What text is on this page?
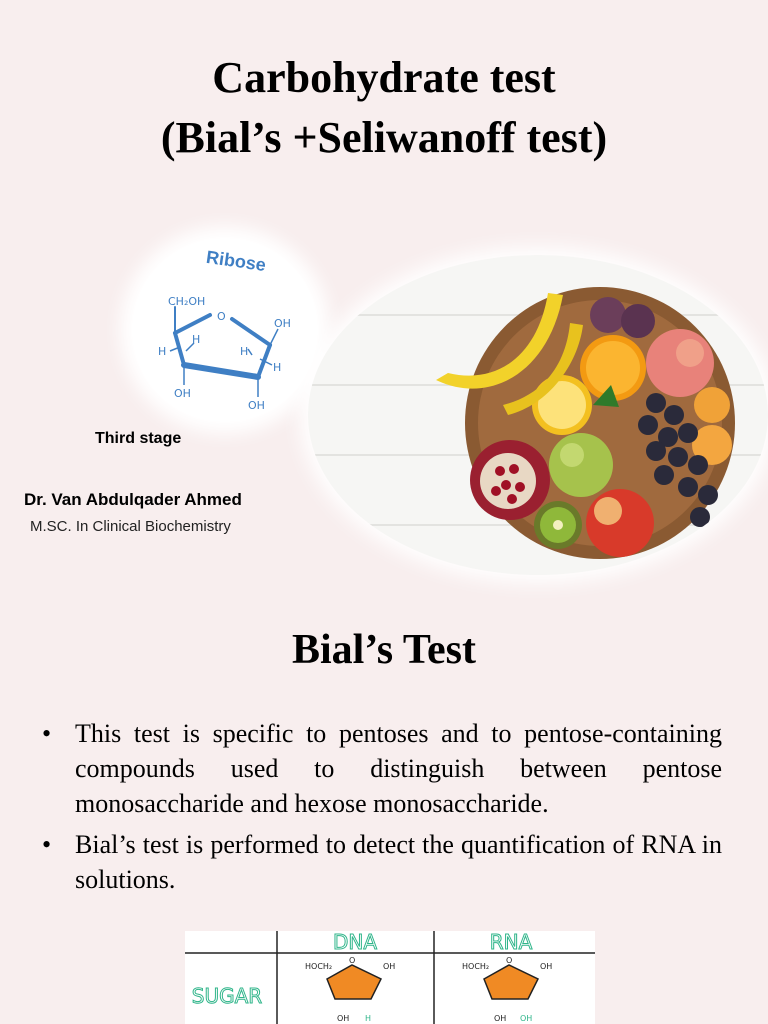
Carbohydrate test
(Bial’s +Seliwanoff test)
Ribose
CH₂OH
O
OH
H
H
H
H
OH
OH
Third stage
Dr. Van Abdulqader Ahmed
M.SC. In Clinical Biochemistry
Bial’s Test
• This test is specific to pentoses and to pentose-containing compounds used to distinguish between pentose monosaccharide and hexose monosaccharide.
• Bial’s test is performed to detect the quantification of RNA in solutions.
DNA	RNA
SUGAR
HOCH₂
O
OH
OH H
HOCH₂
O
OH
OH OH
